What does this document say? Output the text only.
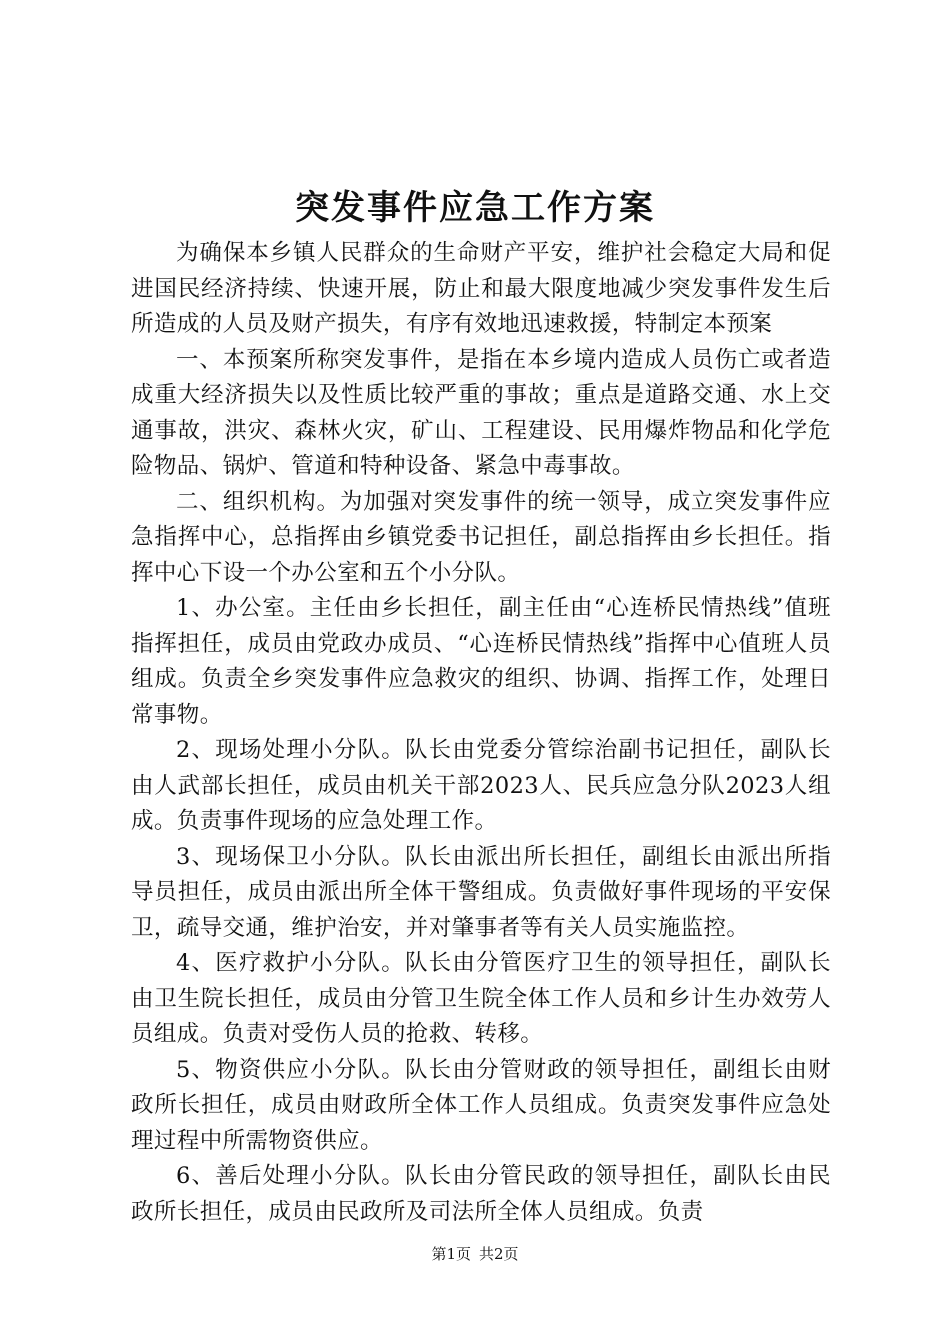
突发事件应急工作方案

为确保本乡镇人民群众的生命财产平安，维护社会稳定大局和促进国民经济持续、快速开展，防止和最大限度地减少突发事件发生后所造成的人员及财产损失，有序有效地迅速救援，特制定本预案

一、本预案所称突发事件，是指在本乡境内造成人员伤亡或者造成重大经济损失以及性质比较严重的事故；重点是道路交通、水上交通事故，洪灾、森林火灾，矿山、工程建设、民用爆炸物品和化学危险物品、锅炉、管道和特种设备、紧急中毒事故。

二、组织机构。为加强对突发事件的统一领导，成立突发事件应急指挥中心，总指挥由乡镇党委书记担任，副总指挥由乡长担任。指挥中心下设一个办公室和五个小分队。

1、办公室。主任由乡长担任，副主任由“心连桥民情热线”值班指挥担任，成员由党政办成员、“心连桥民情热线”指挥中心值班人员组成。负责全乡突发事件应急救灾的组织、协调、指挥工作，处理日常事物。

2、现场处理小分队。队长由党委分管综治副书记担任，副队长由人武部长担任，成员由机关干部2023人、民兵应急分队2023人组成。负责事件现场的应急处理工作。

3、现场保卫小分队。队长由派出所长担任，副组长由派出所指导员担任，成员由派出所全体干警组成。负责做好事件现场的平安保卫，疏导交通，维护治安，并对肇事者等有关人员实施监控。

4、医疗救护小分队。队长由分管医疗卫生的领导担任，副队长由卫生院长担任，成员由分管卫生院全体工作人员和乡计生办效劳人员组成。负责对受伤人员的抢救、转移。

5、物资供应小分队。队长由分管财政的领导担任，副组长由财政所长担任，成员由财政所全体工作人员组成。负责突发事件应急处理过程中所需物资供应。

6、善后处理小分队。队长由分管民政的领导担任，副队长由民政所长担任，成员由民政所及司法所全体人员组成。负责

第1页 共2页
